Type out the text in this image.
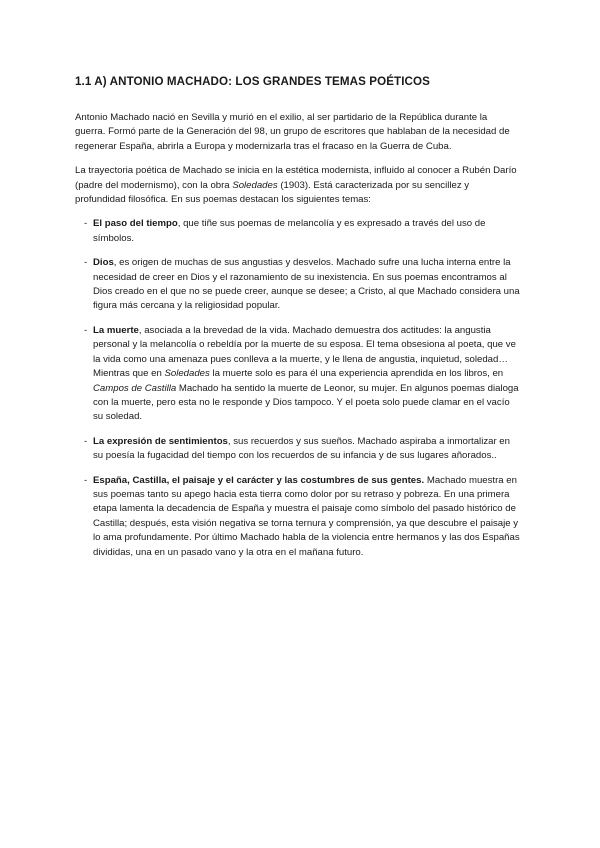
1.1 A) ANTONIO MACHADO: LOS GRANDES TEMAS POÉTICOS

Antonio Machado nació en Sevilla y murió en el exilio, al ser partidario de la República durante la guerra. Formó parte de la Generación del 98, un grupo de escritores que hablaban de la necesidad de regenerar España, abrirla a Europa y modernizarla tras el fracaso en la Guerra de Cuba.

La trayectoria poética de Machado se inicia en la estética modernista, influido al conocer a Rubén Darío (padre del modernismo), con la obra Soledades (1903). Está caracterizada por su sencillez y profundidad filosófica. En sus poemas destacan los siguientes temas:

- El paso del tiempo, que tiñe sus poemas de melancolía y es expresado a través del uso de símbolos.
- Dios, es origen de muchas de sus angustias y desvelos. Machado sufre una lucha interna entre la necesidad de creer en Dios y el razonamiento de su inexistencia. En sus poemas encontramos al Dios creado en el que no se puede creer, aunque se desee; a Cristo, al que Machado considera una figura más cercana y la religiosidad popular.
- La muerte, asociada a la brevedad de la vida. Machado demuestra dos actitudes: la angustia personal y la melancolía o rebeldía por la muerte de su esposa. El tema obsesiona al poeta, que ve la vida como una amenaza pues conlleva a la muerte, y le llena de angustia, inquietud, soledad…
Mientras que en Soledades la muerte solo es para él una experiencia aprendida en los libros, en Campos de Castilla Machado ha sentido la muerte de Leonor, su mujer. En algunos poemas dialoga con la muerte, pero esta no le responde y Dios tampoco. Y el poeta solo puede clamar en el vacío su soledad.
- La expresión de sentimientos, sus recuerdos y sus sueños. Machado aspiraba a inmortalizar en su poesía la fugacidad del tiempo con los recuerdos de su infancia y de sus lugares añorados..
- España, Castilla, el paisaje y el carácter y las costumbres de sus gentes. Machado muestra en sus poemas tanto su apego hacia esta tierra como dolor por su retraso y pobreza. En una primera etapa lamenta la decadencia de España y muestra el paisaje como símbolo del pasado histórico de Castilla; después, esta visión negativa se torna ternura y comprensión, ya que descubre el paisaje y lo ama profundamente. Por último Machado habla de la violencia entre hermanos y las dos Españas divididas, una en un pasado vano y la otra en el mañana futuro.
